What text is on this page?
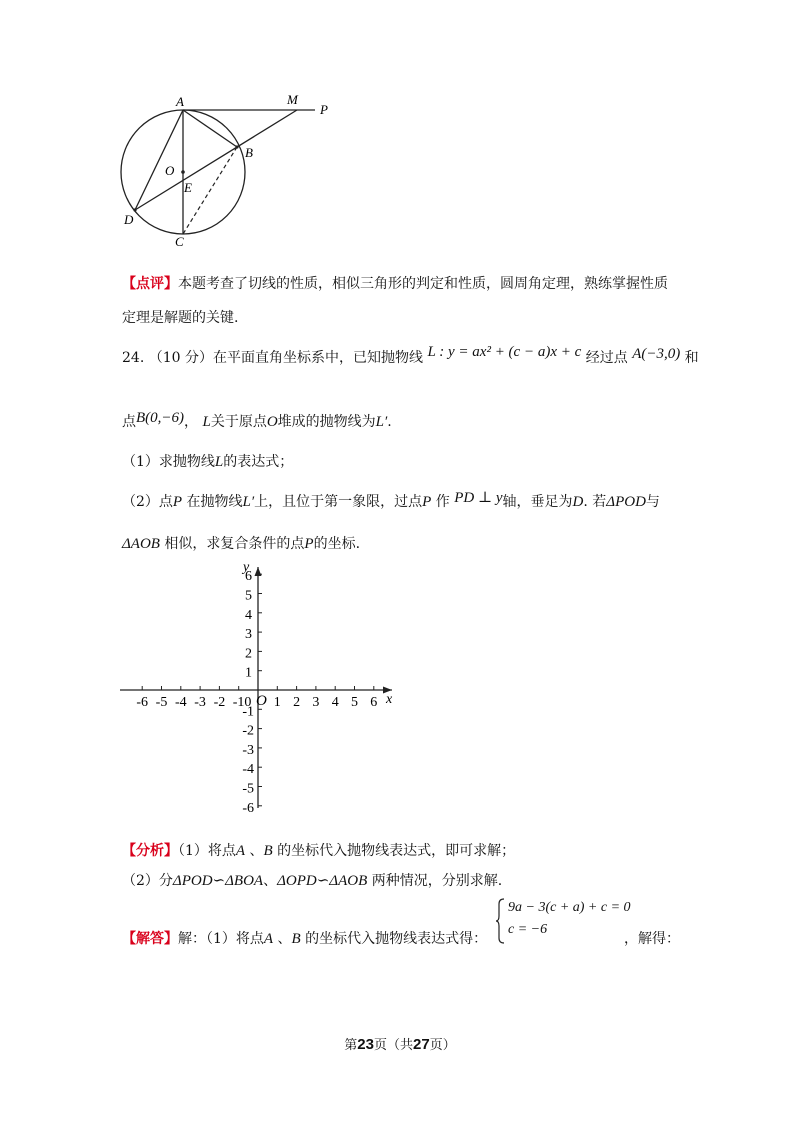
A	M
P
O
B
E
D
C
【点评】本题考查了切线的性质，相似三角形的判定和性质，圆周角定理，熟练掌握性质
定理是解题的关键.
24. （10 分）在平面直角坐标系中，已知抛物线 L : y = ax² + (c − a)x + c 经过点 A(−3,0) 和
点B(0,−6)， L关于原点O堆成的抛物线为L′.
（1）求抛物线L的表达式；
（2）点P 在抛物线L′上，且位于第一象限，过点P 作 PD ⊥ y轴，垂足为D. 若ΔPOD与
ΔAOB 相似，求复合条件的点P的坐标.
-6 -5 -4 -3 -2	1 2 3 4 5 6
-10 O	x
6
5
4
3
2
1
-1
-2
-3
-4
-5
-6
y
【分析】（1）将点A 、B 的坐标代入抛物线表达式，即可求解；
（2）分ΔPOD∽ΔBOA、ΔOPD∽ΔAOB 两种情况，分别求解.
【解答】解：（1）将点A 、B 的坐标代入抛物线表达式得：
9a − 3(c + a) + c = 0
c = −6
，解得：
第23页（共27页）
